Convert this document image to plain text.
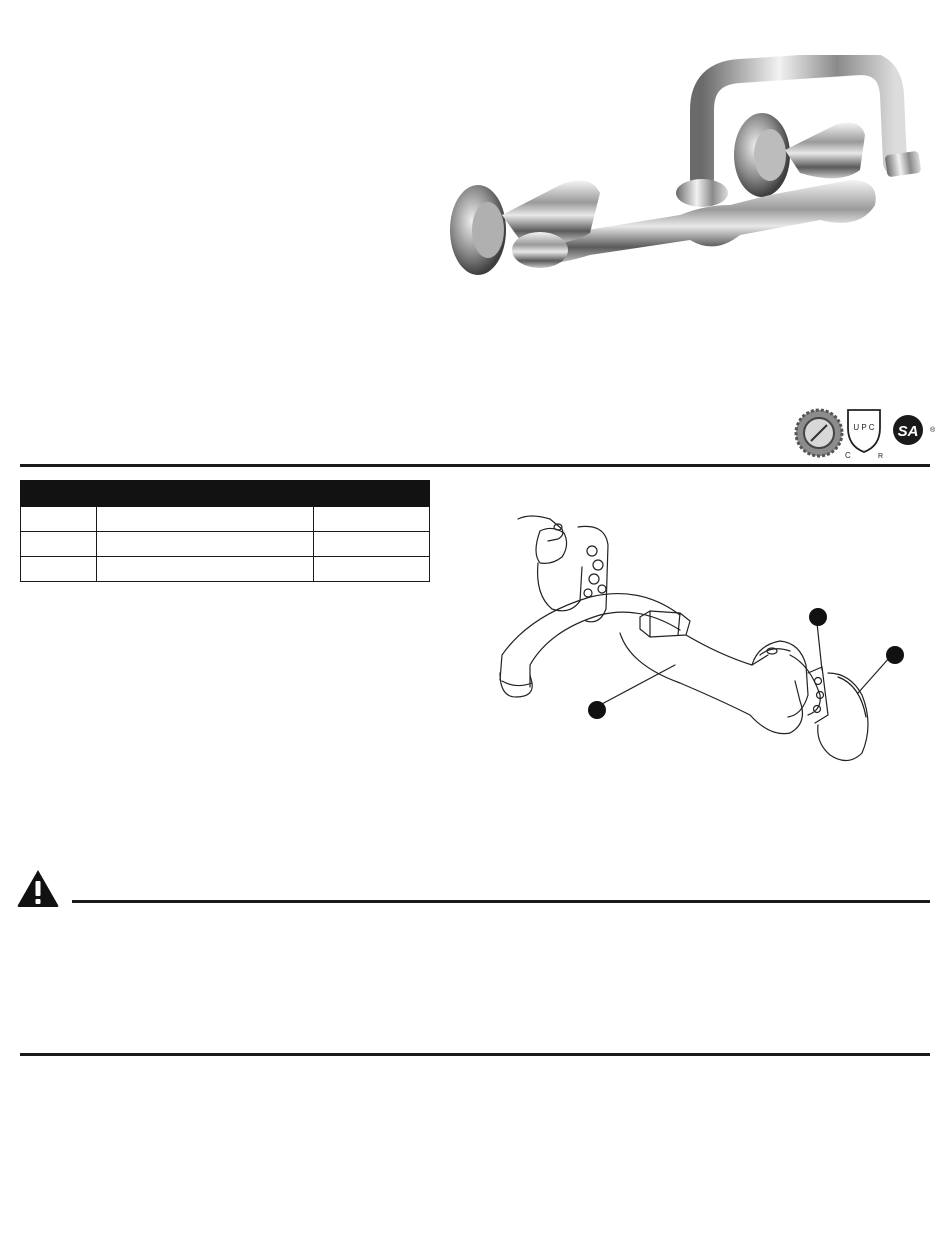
U P C
C	R
SA ®
